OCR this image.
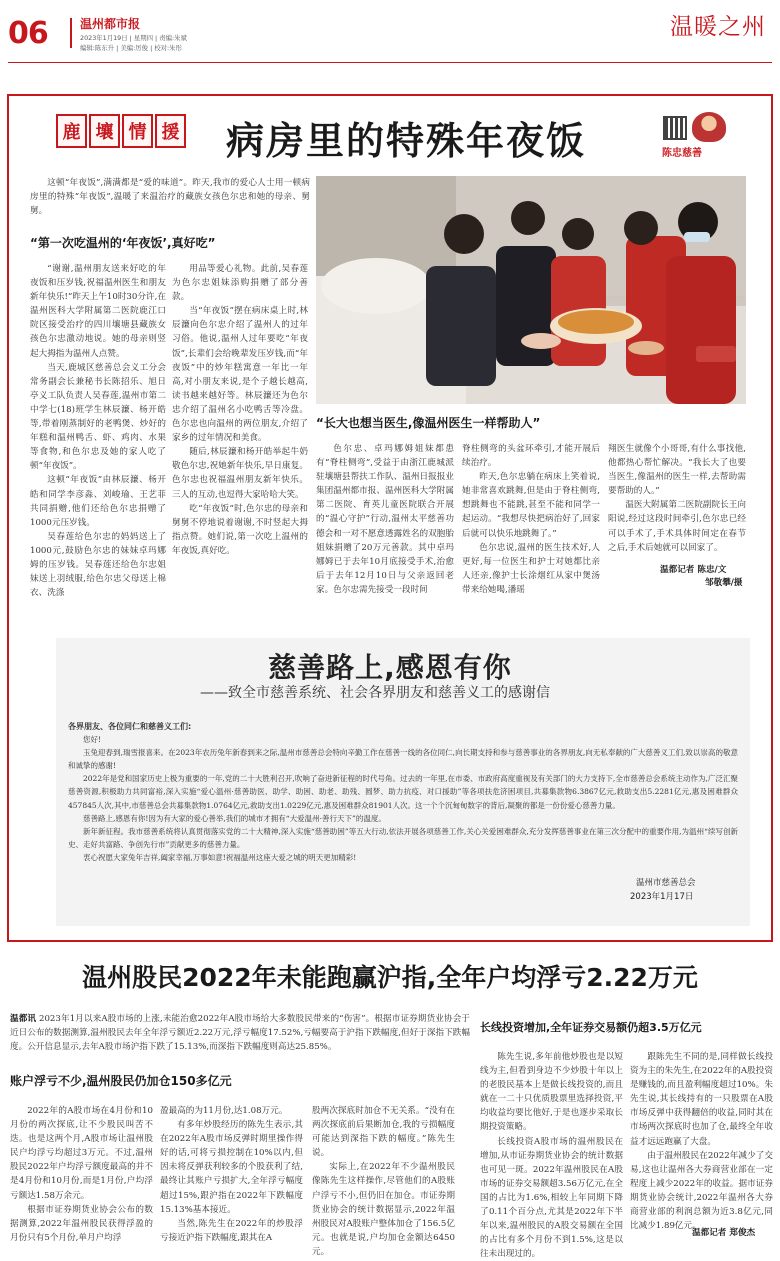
06	温州都市报
2023年1月19日 | 星期四 | 责编:朱斌
编辑:陈东升 | 美编:厉俊 | 校对:朱彤
温暖之州
鹿 壤 情 援 病房里的特殊年夜饭	陈忠慈善
这顿“年夜饭”,满满都是“爱的味道”。昨天,我市的爱心人士用一顿病房里的特殊“年夜饭”,温暖了来温治疗的藏族女孩色尔忠和她的母亲、舅舅。
“第一次吃温州的‘年夜饭’,真好吃”

“谢谢,温州朋友送来好吃的年夜饭和压岁钱,祝福温州医生和朋友新年快乐!”昨天上午10时30分许,在温州医科大学附属第二医院鹿江口院区接受治疗的四川壤塘县藏族女孩色尔忠激动地说。她的母亲则竖起大拇指为温州人点赞。

当天,鹿城区慈善总会义工分会常务副会长兼秘书长陈招乐、旭日亭义工队负责人吴春莲,温州市第二中学七(18)班学生林辰濂、杨开皓等,带着刚蒸制好的老鸭煲、炒好的年糕和温州鸭舌、虾、鸡肉、水果等食物,和色尔忠及她的家人吃了顿“年夜饭”。

这顿“年夜饭”由林辰濂、杨开皓和同学李彦淼、刘峻瑜、王艺菲共同捐赠,他们还给色尔忠捐赠了1000元压岁钱。

吴春莲给色尔忠的妈妈送上了1000元,鼓励色尔忠的妹妹卓玛娜姆的压岁钱。吴春莲还给色尔忠姐妹送上羽绒服,给色尔忠父母送上棉衣、洗涤

用品等爱心礼物。此前,吴春莲为色尔忠姐妹添购捐赠了部分善款。

当“年夜饭”摆在病床桌上时,林辰濂向色尔忠介绍了温州人的过年习俗。他说,温州人过年要吃“年夜饭”,长辈们会给晚辈发压岁钱,而“年夜饭”中的炒年糕寓意一年比一年高,对小朋友来说,是个子越长越高,读书越来越好等。林辰濂还为色尔忠介绍了温州名小吃鸭舌等冷盘。色尔忠也向温州的两位朋友,介绍了家乡的过年情况和美食。

随后,林辰濂和杨开皓举起牛奶敬色尔忠,祝她新年快乐,早日康复。色尔忠也祝福温州朋友新年快乐。三人的互动,也逗得大家哈哈大笑。

吃“年夜饭”时,色尔忠的母亲和舅舅不停地说着谢谢,不时竖起大拇指点赞。她们说,第一次吃上温州的年夜饭,真好吃。

“长大也想当医生,像温州医生一样帮助人”

色尔忠、卓玛娜姆姐妹都患有“脊柱侧弯”,受益于由浙江鹿城派驻壤塘县帮扶工作队、温州日报报业集团温州都市报、温州医科大学附属第二医院、育英儿童医院联合开展的“温心守护”行动,温州太平慈善功德会和一对不愿意透露姓名的双胞胎姐妹捐赠了20万元善款。其中卓玛娜姆已于去年10月底接受手术,治愈后于去年12月10日与父亲返回老家。色尔忠需先接受一段时间

脊柱侧弯的头盆环牵引,才能开展后续治疗。

昨天,色尔忠躺在病床上笑着说,她非常喜欢跳舞,但是由于脊柱侧弯,想跳舞也不能跳,甚至不能和同学一起运动。“我想尽快把病治好了,回家后就可以快乐地跳舞了。”

色尔忠说,温州的医生技术好,人更好,每一位医生和护士对她都比亲人还亲,像护士长涂烟红从家中煲汤带来给她喝,潘瑶

翔医生就像个小哥哥,有什么事找他,他都热心帮忙解决。“我长大了也要当医生,像温州的医生一样,去帮助需要帮助的人。”

温医大附属第二医院副院长王向阳说,经过这段时间牵引,色尔忠已经可以手术了,手术具体时间定在春节之后,手术后她就可以回家了。

温都记者 陈忠/文
邹敬攀/摄
慈善路上,感恩有你
——致全市慈善系统、社会各界朋友和慈善义工的感谢信
各界朋友、各位同仁和慈善义工们:
您好!
玉兔迎春到,瑞雪报喜来。在2023年农历兔年新春到来之际,温州市慈善总会特向辛勤工作在慈善一线的各位同仁,向长期支持和参与慈善事业的各界朋友,向无私奉献的广大慈善义工们,致以崇高的敬意和诚挚的感谢!
2022年是党和国家历史上极为重要的一年,党的二十大胜利召开,吹响了奋进新征程的时代号角。过去的一年里,在市委、市政府高度重视及有关部门的大力支持下,全市慈善总会系统主动作为,广泛汇聚慈善资源,积极助力共同富裕,深入实施“爱心温州·慈善助医、助学、助困、助老、助残、圆梦、助力抗疫、对口援助”等各项扶危济困项目,共募集款物6.3867亿元,救助支出5.2281亿元,惠及困难群众457845人次,其中,市慈善总会共募集款物1.0764亿元,救助支出1.0229亿元,惠及困难群众81901人次。这一个个沉甸甸数字的背后,凝聚的都是一份份爱心慈善力量。
慈善路上,感恩有你!因为有大家的爱心善举,我们的城市才拥有“大爱温州·善行天下”的温度。
新年新征程。我市慈善系统将认真贯彻落实党的二十大精神,深入实施“慈善助困”等五大行动,依法开展各项慈善工作,关心关爱困难群众,充分发挥慈善事业在第三次分配中的重要作用,为温州“续写创新史、走好共富路、争创先行市”贡献更多的慈善力量。
衷心祝愿大家兔年吉祥,阖家幸福,万事如意!祝福温州这座大爱之城的明天更加精彩!
温州市慈善总会
2023年1月17日
温州股民2022年未能跑赢沪指,全年户均浮亏2.22万元
温都讯 2023年1月以来A股市场的上涨,未能治愈2022年A股市场给大多数股民带来的“伤害”。根据市证券期货业协会于近日公布的数据测算,温州股民去年全年浮亏额近2.22万元,浮亏幅度17.52%,亏幅要高于沪指下跌幅度,但好于深指下跌幅度。公开信息显示,去年A股市场沪指下跌了15.13%,而深指下跌幅度则高达25.85%。
账户浮亏不少,温州股民仍加仓150多亿元
长线投资增加,全年证券交易额仍超3.5万亿元

2022年的A股市场在4月份和10月份的两次探底,让不少股民叫苦不迭。也是这两个月,A股市场让温州股民户均浮亏均超过3万元。不过,温州股民2022年户均浮亏额度最高的并不是4月份和10月份,而是1月份,户均浮亏额达1.58万余元。

根据市证券期货业协会公布的数据测算,2022年温州股民获得浮盈的月份只有5个月份,单月户均浮

盈最高的为11月份,达1.08万元。

有多年炒股经历的陈先生表示,其在2022年A股市场反弹时期里操作得好的话,可将亏损控制在10%以内,但因未将反弹获利较多的个股获利了结,最终让其账户亏损扩大,全年浮亏幅度超过15%,跟沪指在2022年下跌幅度15.13%基本接近。

当然,陈先生在2022年的炒股浮亏接近沪指下跌幅度,跟其在A

股两次探底时加仓不无关系。“没有在两次探底前后果断加仓,我的亏损幅度可能达到深指下跌的幅度。”陈先生说。

实际上,在2022年不少温州股民像陈先生这样操作,尽管他们的A股账户浮亏不小,但仍旧在加仓。市证券期货业协会的统计数据显示,2022年温州股民对A股账户整体加仓了156.5亿元。也就是说,户均加仓金额达6450元。

陈先生说,多年前他炒股也是以短线为主,但看到身边不少炒股十年以上的老股民基本上是做长线投资的,而且就在一二十只优质股票里选择投资,平均收益均要比他好,于是也逐步采取长期投资策略。

长线投资A股市场的温州股民在增加,从市证券期货业协会的统计数据也可见一斑。2022年温州股民在A股市场的证券交易额超3.56万亿元,在全国的占比为1.6%,相较上年同期下降了0.11个百分点,尤其是2022年下半年以来,温州股民的A股交易额在全国的占比有多个月份不到1.5%,这是以往未出现过的。

跟陈先生不同的是,同样做长线投资为主的朱先生,在2022年的A股投资是赚钱的,而且盈利幅度超过10%。朱先生说,其长线持有的一只股票在A股市场反弹中获得翻倍的收益,同时其在市场两次探底时也加了仓,最终全年收益才远远跑赢了大盘。

由于温州股民在2022年减少了交易,这也让温州各大券商营业部在一定程度上减少2022年的收益。据市证券期货业协会统计,2022年温州各大券商营业部的利润总额为近3.8亿元,同比减少1.89亿元。

温都记者 郑俊杰
